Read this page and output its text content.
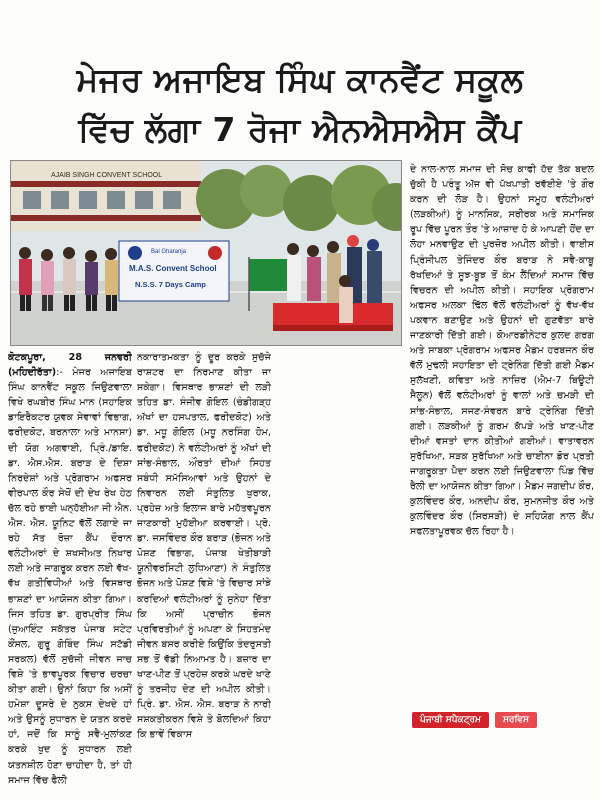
ਮੇਜਰ ਅਜਾਇਬ ਸਿੰਘ ਕਾਨਵੈਂਟ ਸਕੂਲ
ਵਿੱਚ ਲੱਗਾ 7 ਰੋਜਾ ਐਨਐਸਐਸ ਕੈਂਪ
AJAIB SINGH CONVENT SCHOOL
Bal Gharanja
M.A.S. Convent School
N.S.S. 7 Days Camp
ਕੋਟਕਪੂਰਾ, 28 ਜਨਵਰੀ (ਮਹਿਦੀਰੱਤਾ):- ਮੇਜਰ ਅਜਾਇਬ ਸਿੰਘ ਕਾਨਵੈਂਟ ਸਕੂਲ ਜਿਉਣਵਾਲਾ ਵਿਖੇ ਰਘਬੀਰ ਸਿੰਘ ਮਾਨ (ਸਹਾਇਕ ਡਾਇਰੈਕਟਰ ਯੁਵਕ ਸੇਵਾਵਾਂ ਵਿਭਾਗ, ਫਰੀਦਕੋਟ, ਬਰਨਾਲਾ ਅਤੇ ਮਾਨਸਾ) ਦੀ ਯੋਗ ਅਗਵਾਈ, ਪ੍ਰਿੰ./ਡਾਇ. ਡਾ. ਐਸ.ਐਸ. ਬਰਾੜ ਦੇ ਦਿਸ਼ਾ ਨਿਰਦੇਸ਼ਾਂ ਅਤੇ ਪ੍ਰੋਗਰਾਮ ਅਫਸਰ ਵੀਰਪਾਲ ਕੌਰ ਸੇਖੋਂ ਦੀ ਦੇਖ ਰੇਖ ਹੇਠ ਚੱਲ ਰਹੇ ਭਾਈ ਘਨ੍ਹੱਈਆ ਜੀ ਐਨ. ਐਸ. ਐਸ. ਯੂਨਿਟ ਵੱਲੋਂ ਲਗਾਏ ਜਾ ਰਹੇ ਸੱਤ ਰੋਜ਼ਾ ਕੈਂਪ ਦੌਰਾਨ ਵਲੰਟੀਅਰਾਂ ਦੇ ਸ਼ਖਸੀਅਤ ਨਿਖਾਰ ਲਈ ਅਤੇ ਜਾਗਰੂਕ ਕਰਨ ਲਈ ਵੱਖ-ਵੱਖ ਗਤੀਵਿਧੀਆਂ ਅਤੇ ਵਿਸਥਾਰ ਭਾਸ਼ਣਾਂ ਦਾ ਆਯੋਜਨ ਕੀਤਾ ਗਿਆ। ਜਿਸ ਤਹਿਤ ਡਾ. ਗੁਰਪ੍ਰੀਤ ਸਿੰਘ (ਜੁਆਇੰਟ ਸਕੱਤਰ ਪੰਜਾਬ ਸਟੇਟ ਕੌਂਸਲ, ਗੁਰੂ ਗੋਬਿੰਦ ਸਿੰਘ ਸਟੱਡੀ ਸਰਕਲ) ਵੱਲੋਂ ਸੁਚੱਜੀ ਜੀਵਨ ਜਾਚ ਵਿਸ਼ੇ 'ਤੇ ਭਾਵਪੂਰਕ ਵਿਚਾਰ ਚਰਚਾ ਕੀਤਾ ਗਈ। ਉਨਾਂ ਕਿਹਾ ਕਿ ਅਸੀਂ ਹਮੇਸ਼ਾ ਦੂਸਰੇ ਦੇ ਨੁਕਸ ਦੇਖਦੇ ਹਾਂ ਅਤੇ ਉਸਨੂੰ ਸੁਧਾਰਨ ਦੇ ਯਤਨ ਕਰਦੇ ਹਾਂ, ਜਦੋਂ ਕਿ ਸਾਨੂੰ ਸਵੈ-ਮੁਲਾਂਕਣ ਕਰਕੇ ਖੁਦ ਨੂੰ ਸੁਧਾਰਨ ਲਈ ਯਤਨਸ਼ੀਲ ਹੋਣਾ ਚਾਹੀਦਾ ਹੈ, ਤਾਂ ਹੀ ਸਮਾਜ ਵਿੱਚ ਫੈਲੀ
ਨਕਾਰਾਤਮਕਤਾ ਨੂੰ ਦੂਰ ਕਰਕੇ ਸੁਚੱਜੇ ਰਾਸ਼ਟਰ ਦਾ ਨਿਰਮਾਣ ਕੀਤਾ ਜਾ ਸਕੇਗਾ। ਵਿਸਥਾਰ ਭਾਸ਼ਣਾਂ ਦੀ ਲੜੀ ਤਹਿਤ ਡਾ. ਸੰਜੀਵ ਗੋਇਲ (ਚੰਡੀਗੜ੍ਹ ਅੱਖਾਂ ਦਾ ਹਸਪਤਾਲ, ਫਰੀਦਕੋਟ) ਅਤੇ ਡਾ. ਮਧੂ ਗੋਇਲ (ਮਧੂ ਨਰਸਿੰਗ ਹੋਮ, ਫਰੀਦਕੋਟ) ਨੇ ਵਲੰਟੀਅਰਾਂ ਨੂੰ ਅੱਖਾਂ ਦੀ ਸਾਂਭ-ਸੰਭਾਲ, ਔਰਤਾਂ ਦੀਆਂ ਸਿਹਤ ਸਬੰਧੀ ਸਮੱਸਿਆਵਾਂ ਅਤੇ ਉਹਨਾਂ ਦੇ ਨਿਵਾਰਨ ਲਈ ਸੰਤੁਲਿਤ ਖੁਰਾਕ, ਪ੍ਰਹੇਜ਼ ਅਤੇ ਇਲਾਜ ਬਾਰੇ ਮਹੱਤਵਪੂਰਨ ਜਾਣਕਾਰੀ ਮੁਹੱਈਆ ਕਰਵਾਈ। ਪ੍ਰੋ. ਡਾ. ਜਸਵਿੰਦਰ ਕੌਰ ਬਰਾੜ (ਭੋਜਨ ਅਤੇ ਪੋਸ਼ਣ ਵਿਭਾਗ, ਪੰਜਾਬ ਖੇਤੀਬਾੜੀ ਯੂਨੀਵਰਸਿਟੀ ਲੁਧਿਆਣਾ) ਨੇ ਸੰਤੁਲਿਤ ਭੋਜਨ ਅਤੇ ਪੋਸ਼ਣ ਵਿਸ਼ੇ 'ਤੇ ਵਿਚਾਰ ਸਾਂਝੇ ਕਰਦਿਆਂ ਵਲੰਟੀਅਰਾਂ ਨੂੰ ਸੁਨੇਹਾ ਦਿੱਤਾ ਕਿ ਅਸੀਂ ਪ੍ਰਾਚੀਨ ਭੋਜਨ ਪ੍ਰਵਿਰਤੀਆਂ ਨੂੰ ਅਪਣਾ ਕੇ ਸਿਹਤਮੰਦ ਜੀਵਨ ਬਸਰ ਕਰੀਏ ਕਿਉਂਕਿ ਤੰਦਰੁਸਤੀ ਸਭ ਤੋਂ ਵੱਡੀ ਨਿਆਮਤ ਹੈ। ਬਜ਼ਾਰ ਦਾ ਖਾਣ-ਪੀਣ ਤੋਂ ਪ੍ਰਹੇਜ਼ ਕਰਕੇ ਘਰਦੇ ਖਾਣੇ ਨੂੰ ਤਰਜੀਹ ਦੇਣ ਦੀ ਅਪੀਲ ਕੀਤੀ। ਪ੍ਰਿੰ. ਡਾ. ਐਸ. ਐਸ. ਬਰਾੜ ਨੇ ਨਾਰੀ ਸਸ਼ਕਤੀਕਰਨ ਵਿਸ਼ੇ ਤੇ ਬੋਲਦਿਆਂ ਕਿਹਾ ਕਿ ਭਾਵੇਂ ਵਿਕਾਸ
ਦੇ ਨਾਲ-ਨਾਲ ਸਮਾਜ ਦੀ ਸੋਚ ਕਾਫੀ ਹੱਦ ਤੱਕ ਬਦਲ ਚੁੱਕੀ ਹੈ ਪਰੰਤੂ ਅੱਜ ਵੀ ਪੱਖਪਾਤੀ ਰਵੱਈਏ 'ਤੇ ਗੌਰ ਕਰਨ ਦੀ ਲੋੜ ਹੈ। ਉਹਨਾਂ ਸਮੂਹ ਵਲੰਟੀਅਰਾਂ (ਲੜਕੀਆਂ) ਨੂੰ ਮਾਨਸਿਕ, ਸਰੀਰਕ ਅਤੇ ਸਮਾਜਿਕ ਰੂਪ ਵਿੱਚ ਪੂਰਨ ਤੌਰ 'ਤੇ ਆਜ਼ਾਦ ਹੋ ਕੇ ਆਪਣੀ ਹੋਂਦ ਦਾ ਲੋਹਾ ਮਨਵਾਉਣ ਦੀ ਪੁਰਜ਼ੋਰ ਅਪੀਲ ਕੀਤੀ। ਵਾਈਸ ਪ੍ਰਿੰਸੀਪਲ ਤੇਜਿੰਦਰ ਕੌਰ ਬਰਾੜ ਨੇ ਸਵੈ-ਕਾਬੂ ਰੱਖਦਿਆਂ ਤੇ ਸੂਝ-ਬੂਝ ਤੋਂ ਕੰਮ ਲੈਂਦਿਆਂ ਸਮਾਜ ਵਿੱਚ ਵਿਚਰਨ ਦੀ ਅਪੀਲ ਕੀਤੀ। ਸਹਾਇਕ ਪ੍ਰੋਗਰਾਮ ਅਫਸਰ ਅਲਕਾ ਢਿੱਲ ਵੱਲੋਂ ਵਲੰਟੀਅਰਾਂ ਨੂੰ ਵੱਖ-ਵੱਖ ਪਕਵਾਨ ਬਣਾਉਣ ਅਤੇ ਉਹਨਾਂ ਦੀ ਗੁਣਵੱਤਾ ਬਾਰੇ ਜਾਣਕਾਰੀ ਦਿੱਤੀ ਗਈ। ਕੋਆਰਡੀਨੇਟਰ ਕੁਲਦ ਗਰਗ ਅਤੇ ਸਾਬਕਾ ਪ੍ਰੋਗਰਾਮ ਅਫਸਰ ਮੈਡਮ ਹਰਬਜਨ ਕੌਰ ਵੱਲੋਂ ਮੁਢਲੀ ਸਹਾਇਤਾ ਦੀ ਟ੍ਰੇਨਿੰਗ ਦਿੱਤੀ ਗਈ ਮੈਡਮ ਸੁਲੱਖਣੀ, ਕਵਿਤਾ ਅਤੇ ਨਾਜ਼ਿਰ (ਐਮ-7 ਬਿਊਟੀ ਸੈਲੂਨ) ਵੱਲੋਂ ਵਲੰਟੀਅਰਾਂ ਨੂੰ ਵਾਲਾਂ ਅਤੇ ਚਮੜੀ ਦੀ ਸਾਂਭ-ਸੰਭਾਲ, ਸਜਣ-ਸੰਵਰਨ ਬਾਰੇ ਟ੍ਰੇਨਿੰਗ ਦਿੱਤੀ ਗਈ। ਲੜਕੀਆਂ ਨੂੰ ਗਰਮ ਕੱਪੜੇ ਅਤੇ ਖਾਣ-ਪੀਣ ਦੀਆਂ ਵਸਤਾਂ ਦਾਨ ਕੀਤੀਆਂ ਗਈਆਂ। ਵਾਤਾਵਰਨ ਸੁਰੱਖਿਆ, ਸੜਕ ਸੁਰੱਖਿਆ ਅਤੇ ਚਾਈਨਾ ਡੋਰ ਪ੍ਰਤੀ ਜਾਗਰੂਕਤਾ ਪੈਦਾ ਕਰਨ ਲਈ ਜਿਉਣਵਾਲਾ ਪਿੰਡ ਵਿੱਚ ਰੈਲੀ ਦਾ ਆਯੋਜਨ ਕੀਤਾ ਗਿਆ। ਮੈਡਮ ਜਗਦੀਪ ਕੌਰ, ਕੁਲਵਿੰਦਰ ਕੌਰ, ਅਨਦੀਪ ਕੌਰ, ਸੁਮਨਜੀਤ ਕੌਰ ਅਤੇ ਕੁਲਵਿੰਦਰ ਕੌਰ (ਸਿਰਸੜੀ) ਦੇ ਸਹਿਯੋਗ ਨਾਲ ਕੈਂਪ ਸਫਲਤਾਪੂਰਵਕ ਚੱਲ ਰਿਹਾ ਹੈ।
ਪੰਜਾਬੀ ਸਪੈਕਟ੍ਰਮ	ਸਰਵਿਸ
